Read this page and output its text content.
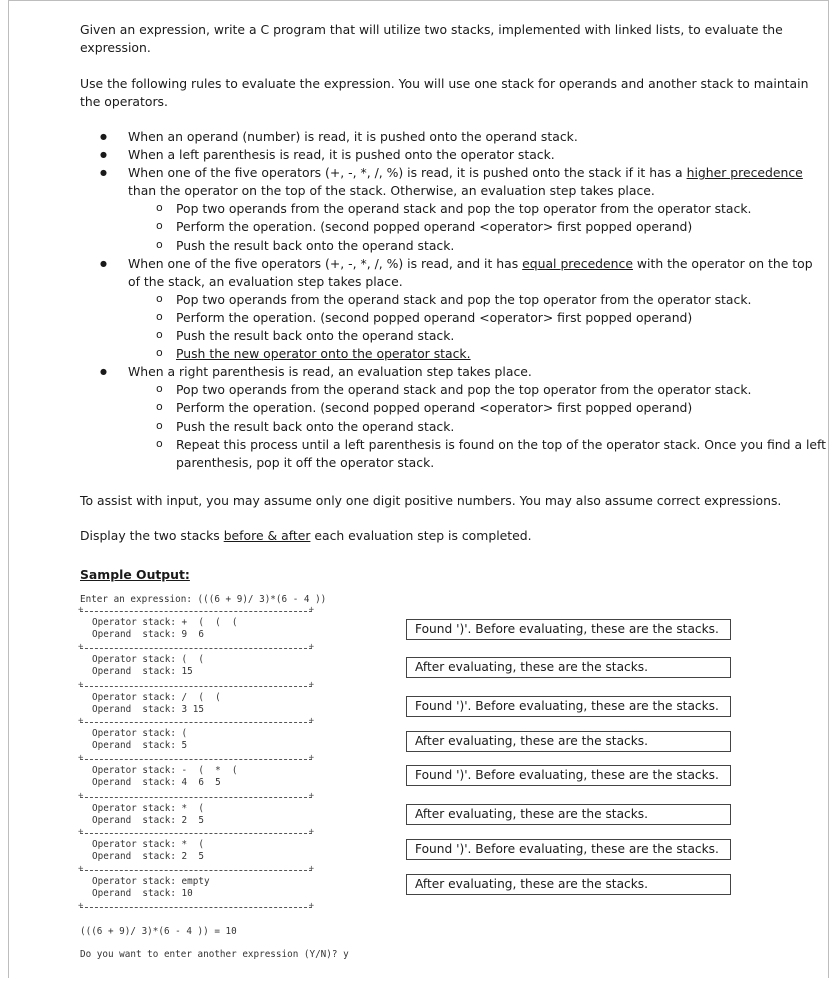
Given an expression, write a C program that will utilize two stacks, implemented with linked lists, to evaluate the expression.

Use the following rules to evaluate the expression. You will use one stack for operands and another stack to maintain the operators.

● When an operand (number) is read, it is pushed onto the operand stack.
● When a left parenthesis is read, it is pushed onto the operator stack.
● When one of the five operators (+, -, *, /, %) is read, it is pushed onto the stack if it has a higher precedence than the operator on the top of the stack. Otherwise, an evaluation step takes place.
o Pop two operands from the operand stack and pop the top operator from the operator stack.
o Perform the operation. (second popped operand <operator> first popped operand)
o Push the result back onto the operand stack.
● When one of the five operators (+, -, *, /, %) is read, and it has equal precedence with the operator on the top of the stack, an evaluation step takes place.
o Pop two operands from the operand stack and pop the top operator from the operator stack.
o Perform the operation. (second popped operand <operator> first popped operand)
o Push the result back onto the operand stack.
o Push the new operator onto the operator stack.
● When a right parenthesis is read, an evaluation step takes place.
o Pop two operands from the operand stack and pop the top operator from the operator stack.
o Perform the operation. (second popped operand <operator> first popped operand)
o Push the result back onto the operand stack.
o Repeat this process until a left parenthesis is found on the top of the operator stack. Once you find a left parenthesis, pop it off the operator stack.

To assist with input, you may assume only one digit positive numbers. You may also assume correct expressions.

Display the two stacks before & after each evaluation step is completed.

Sample Output:

Enter an expression: (((6 + 9)/ 3)*(6 - 4 ))
+ +
Operator stack: +  (  (  (
Operand  stack: 9  6
+ +
Operator stack: (  (
Operand  stack: 15
+ +
Operator stack: /  (  (
Operand  stack: 3 15
+ +
Operator stack: (
Operand  stack: 5
+ +
Operator stack: -  (  *  (
Operand  stack: 4  6  5
+ +
Operator stack: *  (
Operand  stack: 2  5
+ +
Operator stack: *  (
Operand  stack: 2  5
+ +
Operator stack: empty
Operand  stack: 10
+ +
(((6 + 9)/ 3)*(6 - 4 )) = 10
Do you want to enter another expression (Y/N)? y
Found ')'. Before evaluating, these are the stacks.
After evaluating, these are the stacks.
Found ')'. Before evaluating, these are the stacks.
After evaluating, these are the stacks.
Found ')'. Before evaluating, these are the stacks.
After evaluating, these are the stacks.
Found ')'. Before evaluating, these are the stacks.
After evaluating, these are the stacks.
